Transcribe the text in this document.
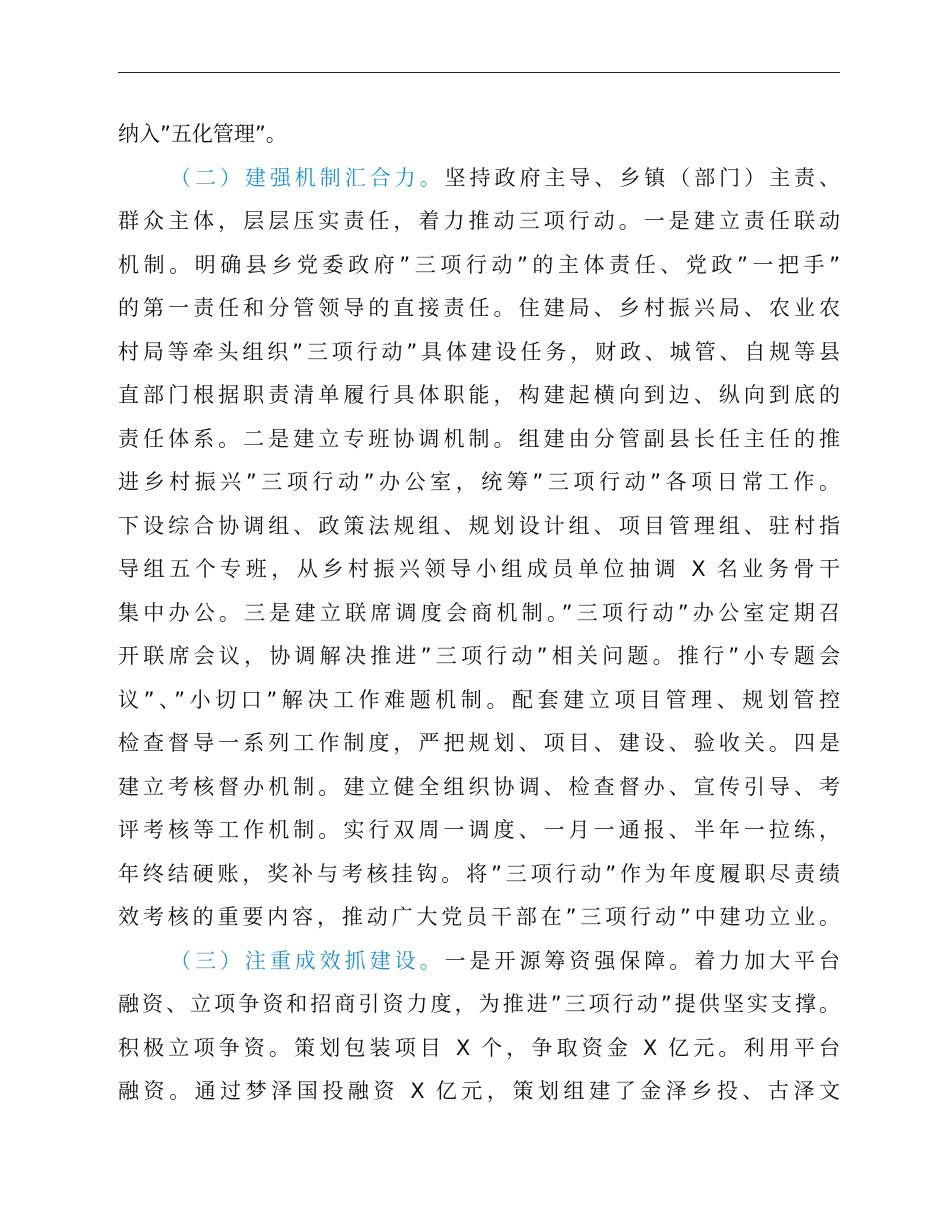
纳入”五化管理”。
（二）建强机制汇合力。坚持政府主导、乡镇（部门）主责、
群众主体，层层压实责任，着力推动三项行动。一是建立责任联动
机制。明确县乡党委政府”三项行动”的主体责任、党政”一把手”
的第一责任和分管领导的直接责任。住建局、乡村振兴局、农业农
村局等牵头组织”三项行动”具体建设任务，财政、城管、自规等县
直部门根据职责清单履行具体职能，构建起横向到边、纵向到底的
责任体系。二是建立专班协调机制。组建由分管副县长任主任的推
进乡村振兴”三项行动”办公室，统筹”三项行动”各项日常工作。
下设综合协调组、政策法规组、规划设计组、项目管理组、驻村指
导组五个专班，从乡村振兴领导小组成员单位抽调 X 名业务骨干
集中办公。三是建立联席调度会商机制。”三项行动”办公室定期召
开联席会议，协调解决推进”三项行动”相关问题。推行”小专题会
议”、”小切口”解决工作难题机制。配套建立项目管理、规划管控
检查督导一系列工作制度，严把规划、项目、建设、验收关。四是
建立考核督办机制。建立健全组织协调、检查督办、宣传引导、考
评考核等工作机制。实行双周一调度、一月一通报、半年一拉练，
年终结硬账，奖补与考核挂钩。将”三项行动”作为年度履职尽责绩
效考核的重要内容，推动广大党员干部在”三项行动”中建功立业。
（三）注重成效抓建设。一是开源筹资强保障。着力加大平台
融资、立项争资和招商引资力度，为推进”三项行动”提供坚实支撑。
积极立项争资。策划包装项目 X 个，争取资金 X 亿元。利用平台
融资。通过梦泽国投融资 X 亿元，策划组建了金泽乡投、古泽文
